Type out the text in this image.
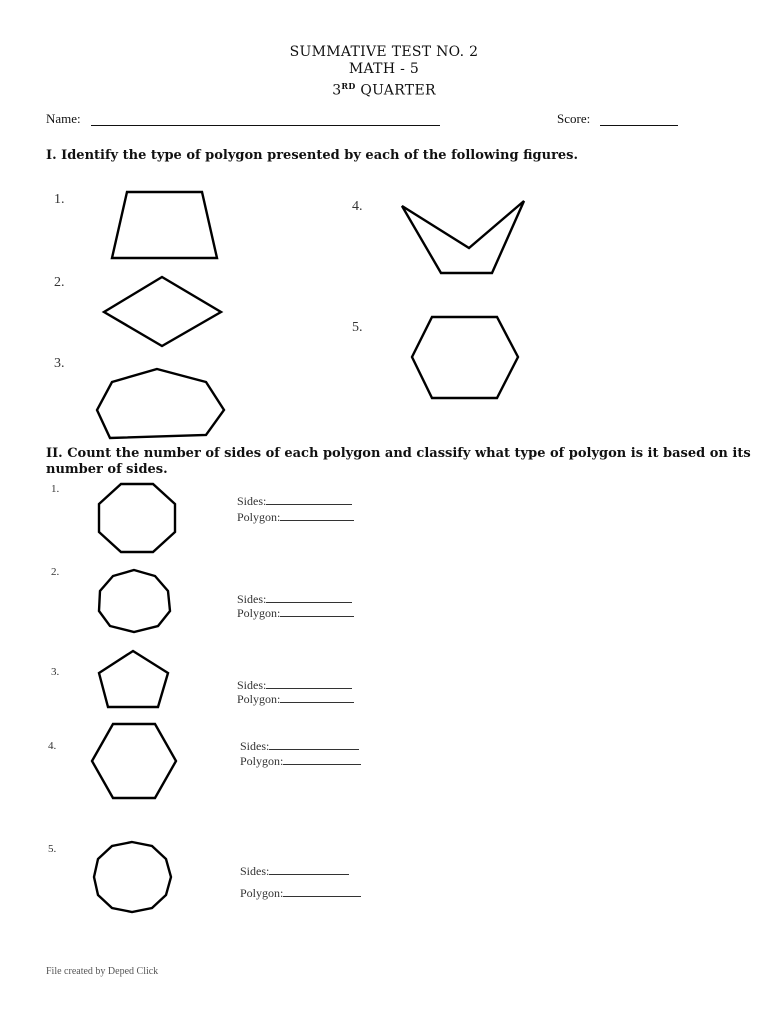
SUMMATIVE TEST NO. 2
MATH - 5
3RD QUARTER
Name:	Score:
I. Identify the type of polygon presented by each of the following figures.
1.
2.
3.
4.
5.
II. Count the number of sides of each polygon and classify what type of polygon is it based on its
number of sides.
1.
2.
3.
4.
5.
Sides:
Polygon:
Sides:
Polygon:
Sides:
Polygon:
Sides:
Polygon:
Sides:
Polygon:
File created by Deped Click
